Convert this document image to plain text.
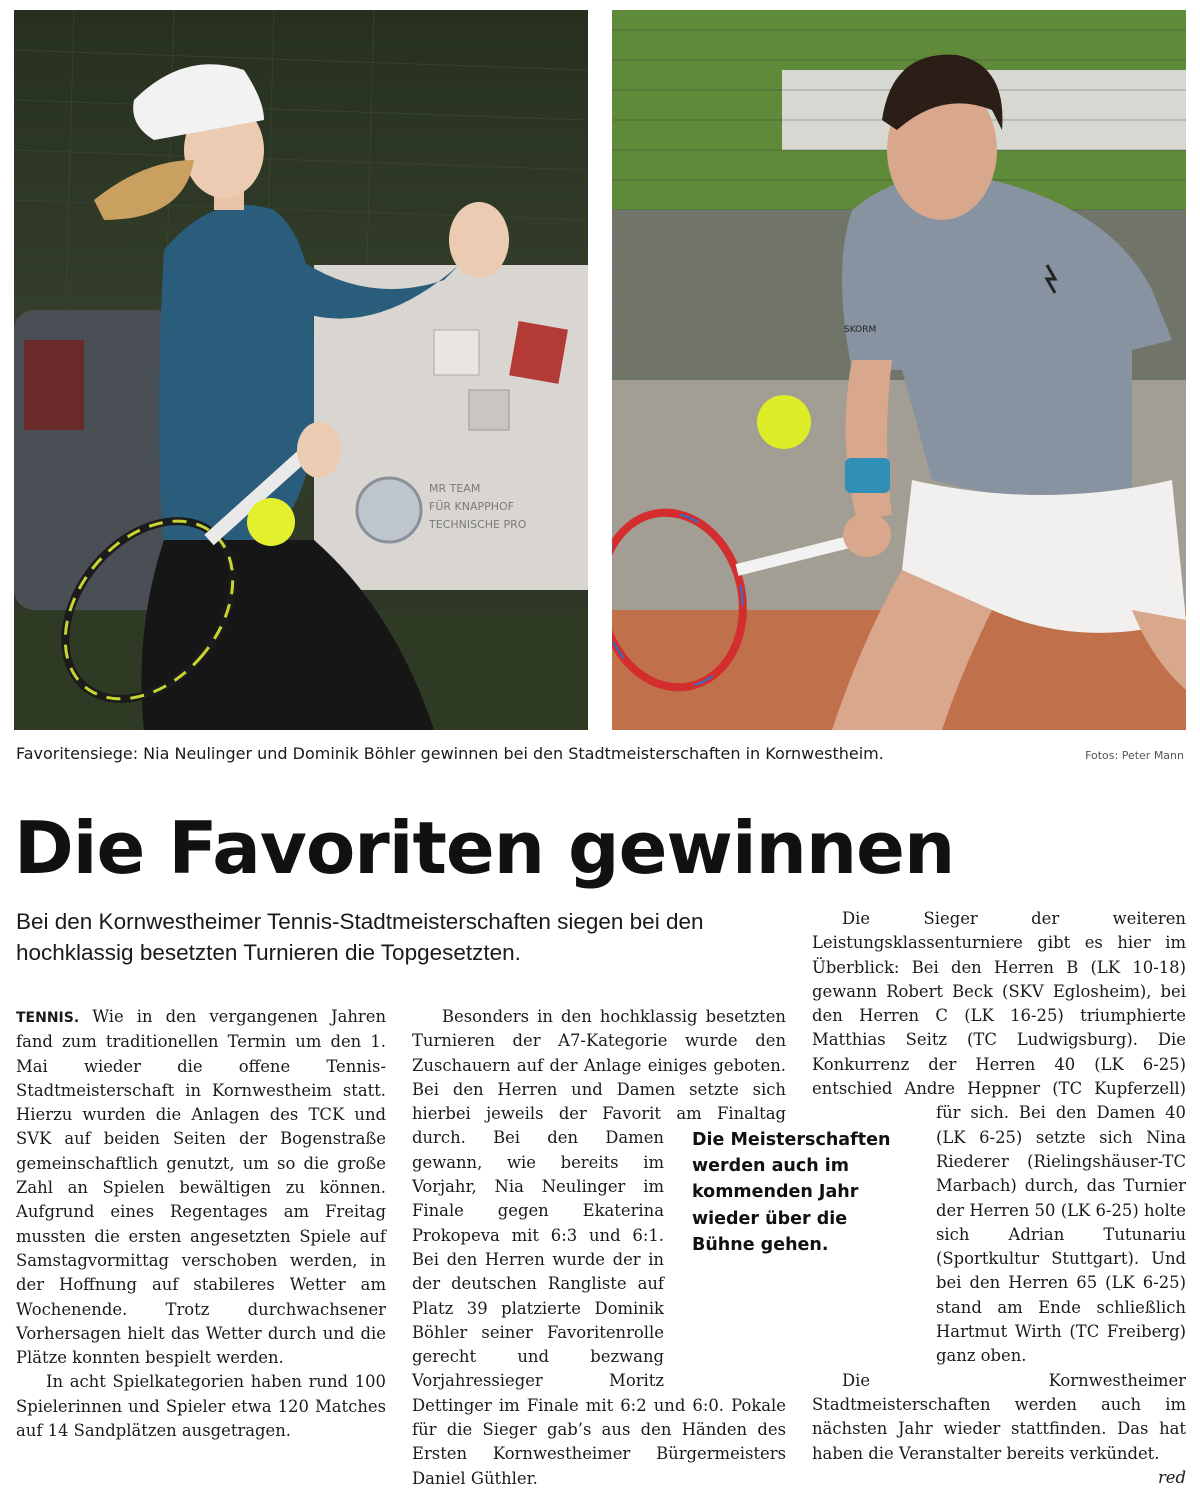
MR TEAM
FÜR KNAPPHOF
TECHNISCHE PRO
SKORM
Favoritensiege: Nia Neulinger und Dominik Böhler gewinnen bei den Stadtmeisterschaften in Kornwestheim.	Fotos: Peter Mann
Die Favoriten gewinnen

Bei den Kornwestheimer Tennis-Stadtmeisterschaften siegen bei den hochklassig besetzten Turnieren die Topgesetzten.

TENNIS. Wie in den vergangenen Jahren fand zum traditionellen Termin um den 1. Mai wieder die offene Tennis-Stadtmeisterschaft in Kornwestheim statt. Hierzu wurden die Anlagen des TCK und SVK auf beiden Seiten der Bogenstraße gemeinschaftlich genutzt, um so die große Zahl an Spielen bewältigen zu können. Aufgrund eines Regentages am Freitag mussten die ersten angesetzten Spiele auf Samstagvormittag verschoben werden, in der Hoffnung auf stabileres Wetter am Wochenende. Trotz durchwachsener Vorhersagen hielt das Wetter durch und die Plätze konnten bespielt werden.

In acht Spielkategorien haben rund 100 Spielerinnen und Spieler etwa 120 Matches auf 14 Sandplätzen ausgetragen.

Besonders in den hochklassig besetzten Turnieren der A7-Kategorie wurde den Zuschauern auf der Anlage einiges geboten. Bei den Herren und Damen setzte sich hierbei jeweils der Favorit am Finaltag durch. Bei den Damen gewann, wie bereits im Vorjahr, Nia Neulinger im Finale gegen Ekaterina Prokopeva mit 6:3 und 6:1. Bei den Herren wurde der in der deutschen Rangliste auf Platz 39 platzierte Dominik Böhler seiner Favoritenrolle gerecht und bezwang Vorjahressieger Moritz Dettinger im Finale mit 6:2 und 6:0. Pokale für die Sieger gab’s aus den Händen des Ersten Kornwestheimer Bürgermeisters Daniel Güthler.

Die Sieger der weiteren Leistungsklassenturniere gibt es hier im Überblick: Bei den Herren B (LK 10-18) gewann Robert Beck (SKV Eglosheim), bei den Herren C (LK 16-25) triumphierte Matthias Seitz (TC Ludwigsburg). Die Konkurrenz der Herren 40 (LK 6-25) entschied Andre Heppner (TC Kupferzell) für sich. Bei den Damen 40 (LK 6-25) setzte sich Nina Riederer (Rielingshäuser-TC Marbach) durch, das Turnier der Herren 50 (LK 6-25) holte sich Adrian Tutunariu (Sportkultur Stuttgart). Und bei den Herren 65 (LK 6-25) stand am Ende schließlich Hartmut Wirth (TC Freiberg) ganz oben.

Die Kornwestheimer Stadtmeisterschaften werden auch im nächsten Jahr wieder stattfinden. Das hat haben die Veranstalter bereits verkündet.
red

Die Meisterschaften werden auch im kommenden Jahr wieder über die Bühne gehen.
